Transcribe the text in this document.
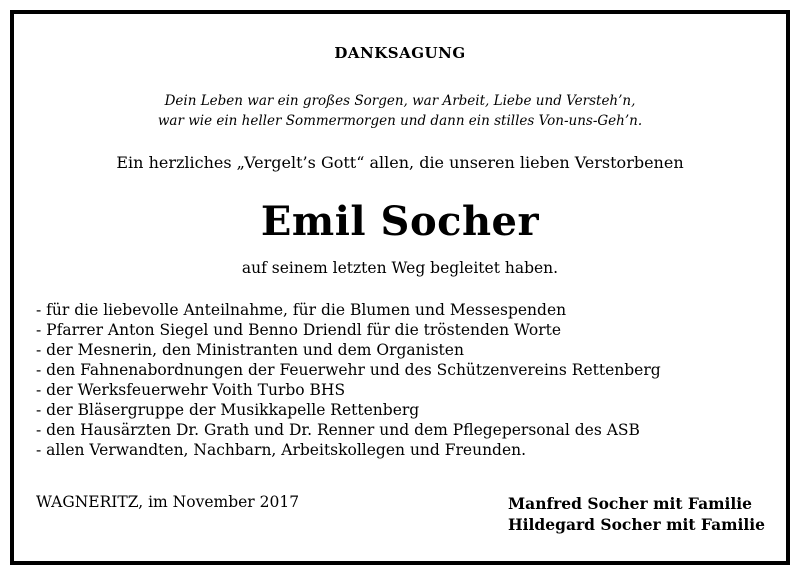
DANKSAGUNG
Dein Leben war ein großes Sorgen, war Arbeit, Liebe und Versteh’n,
war wie ein heller Sommermorgen und dann ein stilles Von-uns-Geh’n.
Ein herzliches „Vergelt’s Gott“ allen, die unseren lieben Verstorbenen
Emil Socher
auf seinem letzten Weg begleitet haben.
- für die liebevolle Anteilnahme, für die Blumen und Messespenden
- Pfarrer Anton Siegel und Benno Driendl für die tröstenden Worte
- der Mesnerin, den Ministranten und dem Organisten
- den Fahnenabordnungen der Feuerwehr und des Schützenvereins Rettenberg
- der Werksfeuerwehr Voith Turbo BHS
- der Bläsergruppe der Musikkapelle Rettenberg
- den Hausärzten Dr. Grath und Dr. Renner und dem Pflegepersonal des ASB
- allen Verwandten, Nachbarn, Arbeitskollegen und Freunden.
WAGNERITZ, im November 2017	Manfred Socher mit Familie
Hildegard Socher mit Familie
